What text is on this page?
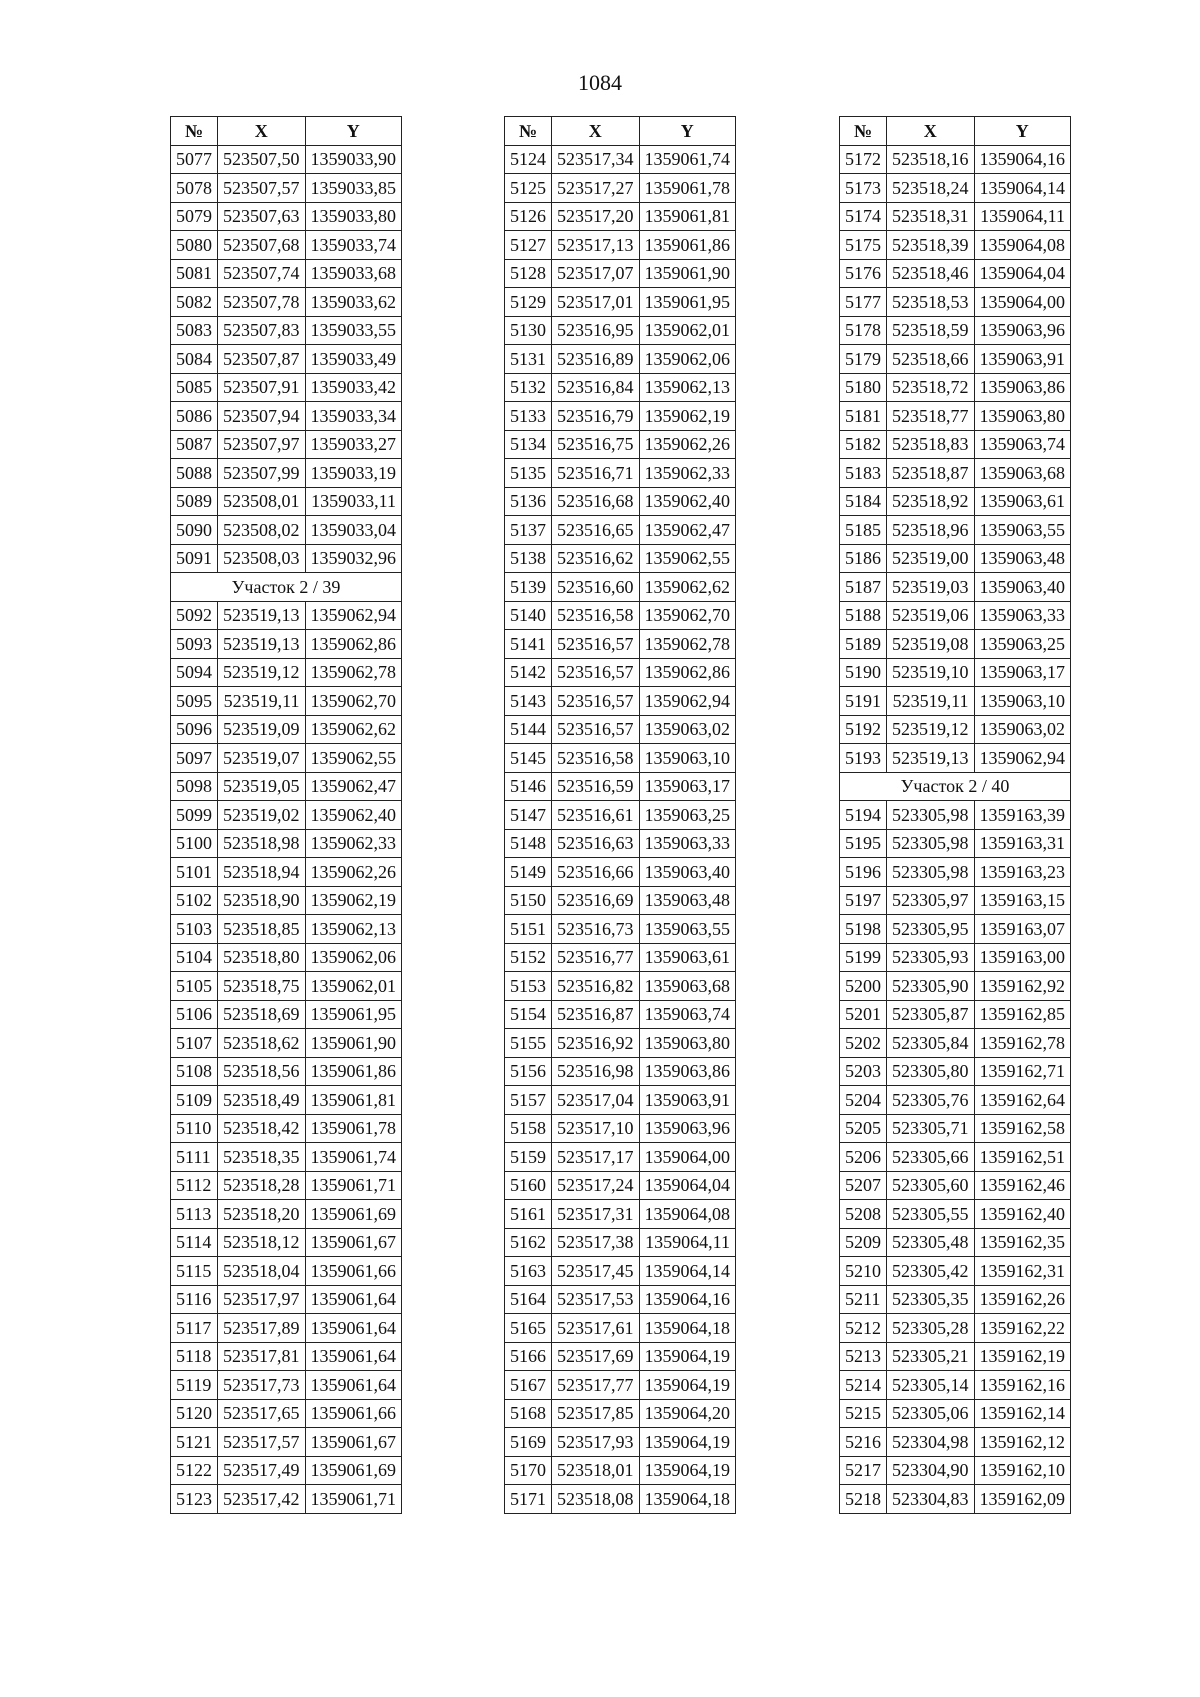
1084
№	X	Y
5077	523507,50	1359033,90
5078	523507,57	1359033,85
5079	523507,63	1359033,80
5080	523507,68	1359033,74
5081	523507,74	1359033,68
5082	523507,78	1359033,62
5083	523507,83	1359033,55
5084	523507,87	1359033,49
5085	523507,91	1359033,42
5086	523507,94	1359033,34
5087	523507,97	1359033,27
5088	523507,99	1359033,19
5089	523508,01	1359033,11
5090	523508,02	1359033,04
5091	523508,03	1359032,96
Участок 2 / 39		
5092	523519,13	1359062,94
5093	523519,13	1359062,86
5094	523519,12	1359062,78
5095	523519,11	1359062,70
5096	523519,09	1359062,62
5097	523519,07	1359062,55
5098	523519,05	1359062,47
5099	523519,02	1359062,40
5100	523518,98	1359062,33
5101	523518,94	1359062,26
5102	523518,90	1359062,19
5103	523518,85	1359062,13
5104	523518,80	1359062,06
5105	523518,75	1359062,01
5106	523518,69	1359061,95
5107	523518,62	1359061,90
5108	523518,56	1359061,86
5109	523518,49	1359061,81
5110	523518,42	1359061,78
5111	523518,35	1359061,74
5112	523518,28	1359061,71
5113	523518,20	1359061,69
5114	523518,12	1359061,67
5115	523518,04	1359061,66
5116	523517,97	1359061,64
5117	523517,89	1359061,64
5118	523517,81	1359061,64
5119	523517,73	1359061,64
5120	523517,65	1359061,66
5121	523517,57	1359061,67
5122	523517,49	1359061,69
5123	523517,42	1359061,71
№	X	Y
5124	523517,34	1359061,74
5125	523517,27	1359061,78
5126	523517,20	1359061,81
5127	523517,13	1359061,86
5128	523517,07	1359061,90
5129	523517,01	1359061,95
5130	523516,95	1359062,01
5131	523516,89	1359062,06
5132	523516,84	1359062,13
5133	523516,79	1359062,19
5134	523516,75	1359062,26
5135	523516,71	1359062,33
5136	523516,68	1359062,40
5137	523516,65	1359062,47
5138	523516,62	1359062,55
5139	523516,60	1359062,62
5140	523516,58	1359062,70
5141	523516,57	1359062,78
5142	523516,57	1359062,86
5143	523516,57	1359062,94
5144	523516,57	1359063,02
5145	523516,58	1359063,10
5146	523516,59	1359063,17
5147	523516,61	1359063,25
5148	523516,63	1359063,33
5149	523516,66	1359063,40
5150	523516,69	1359063,48
5151	523516,73	1359063,55
5152	523516,77	1359063,61
5153	523516,82	1359063,68
5154	523516,87	1359063,74
5155	523516,92	1359063,80
5156	523516,98	1359063,86
5157	523517,04	1359063,91
5158	523517,10	1359063,96
5159	523517,17	1359064,00
5160	523517,24	1359064,04
5161	523517,31	1359064,08
5162	523517,38	1359064,11
5163	523517,45	1359064,14
5164	523517,53	1359064,16
5165	523517,61	1359064,18
5166	523517,69	1359064,19
5167	523517,77	1359064,19
5168	523517,85	1359064,20
5169	523517,93	1359064,19
5170	523518,01	1359064,19
5171	523518,08	1359064,18
№	X	Y
5172	523518,16	1359064,16
5173	523518,24	1359064,14
5174	523518,31	1359064,11
5175	523518,39	1359064,08
5176	523518,46	1359064,04
5177	523518,53	1359064,00
5178	523518,59	1359063,96
5179	523518,66	1359063,91
5180	523518,72	1359063,86
5181	523518,77	1359063,80
5182	523518,83	1359063,74
5183	523518,87	1359063,68
5184	523518,92	1359063,61
5185	523518,96	1359063,55
5186	523519,00	1359063,48
5187	523519,03	1359063,40
5188	523519,06	1359063,33
5189	523519,08	1359063,25
5190	523519,10	1359063,17
5191	523519,11	1359063,10
5192	523519,12	1359063,02
5193	523519,13	1359062,94
Участок 2 / 40		
5194	523305,98	1359163,39
5195	523305,98	1359163,31
5196	523305,98	1359163,23
5197	523305,97	1359163,15
5198	523305,95	1359163,07
5199	523305,93	1359163,00
5200	523305,90	1359162,92
5201	523305,87	1359162,85
5202	523305,84	1359162,78
5203	523305,80	1359162,71
5204	523305,76	1359162,64
5205	523305,71	1359162,58
5206	523305,66	1359162,51
5207	523305,60	1359162,46
5208	523305,55	1359162,40
5209	523305,48	1359162,35
5210	523305,42	1359162,31
5211	523305,35	1359162,26
5212	523305,28	1359162,22
5213	523305,21	1359162,19
5214	523305,14	1359162,16
5215	523305,06	1359162,14
5216	523304,98	1359162,12
5217	523304,90	1359162,10
5218	523304,83	1359162,09
